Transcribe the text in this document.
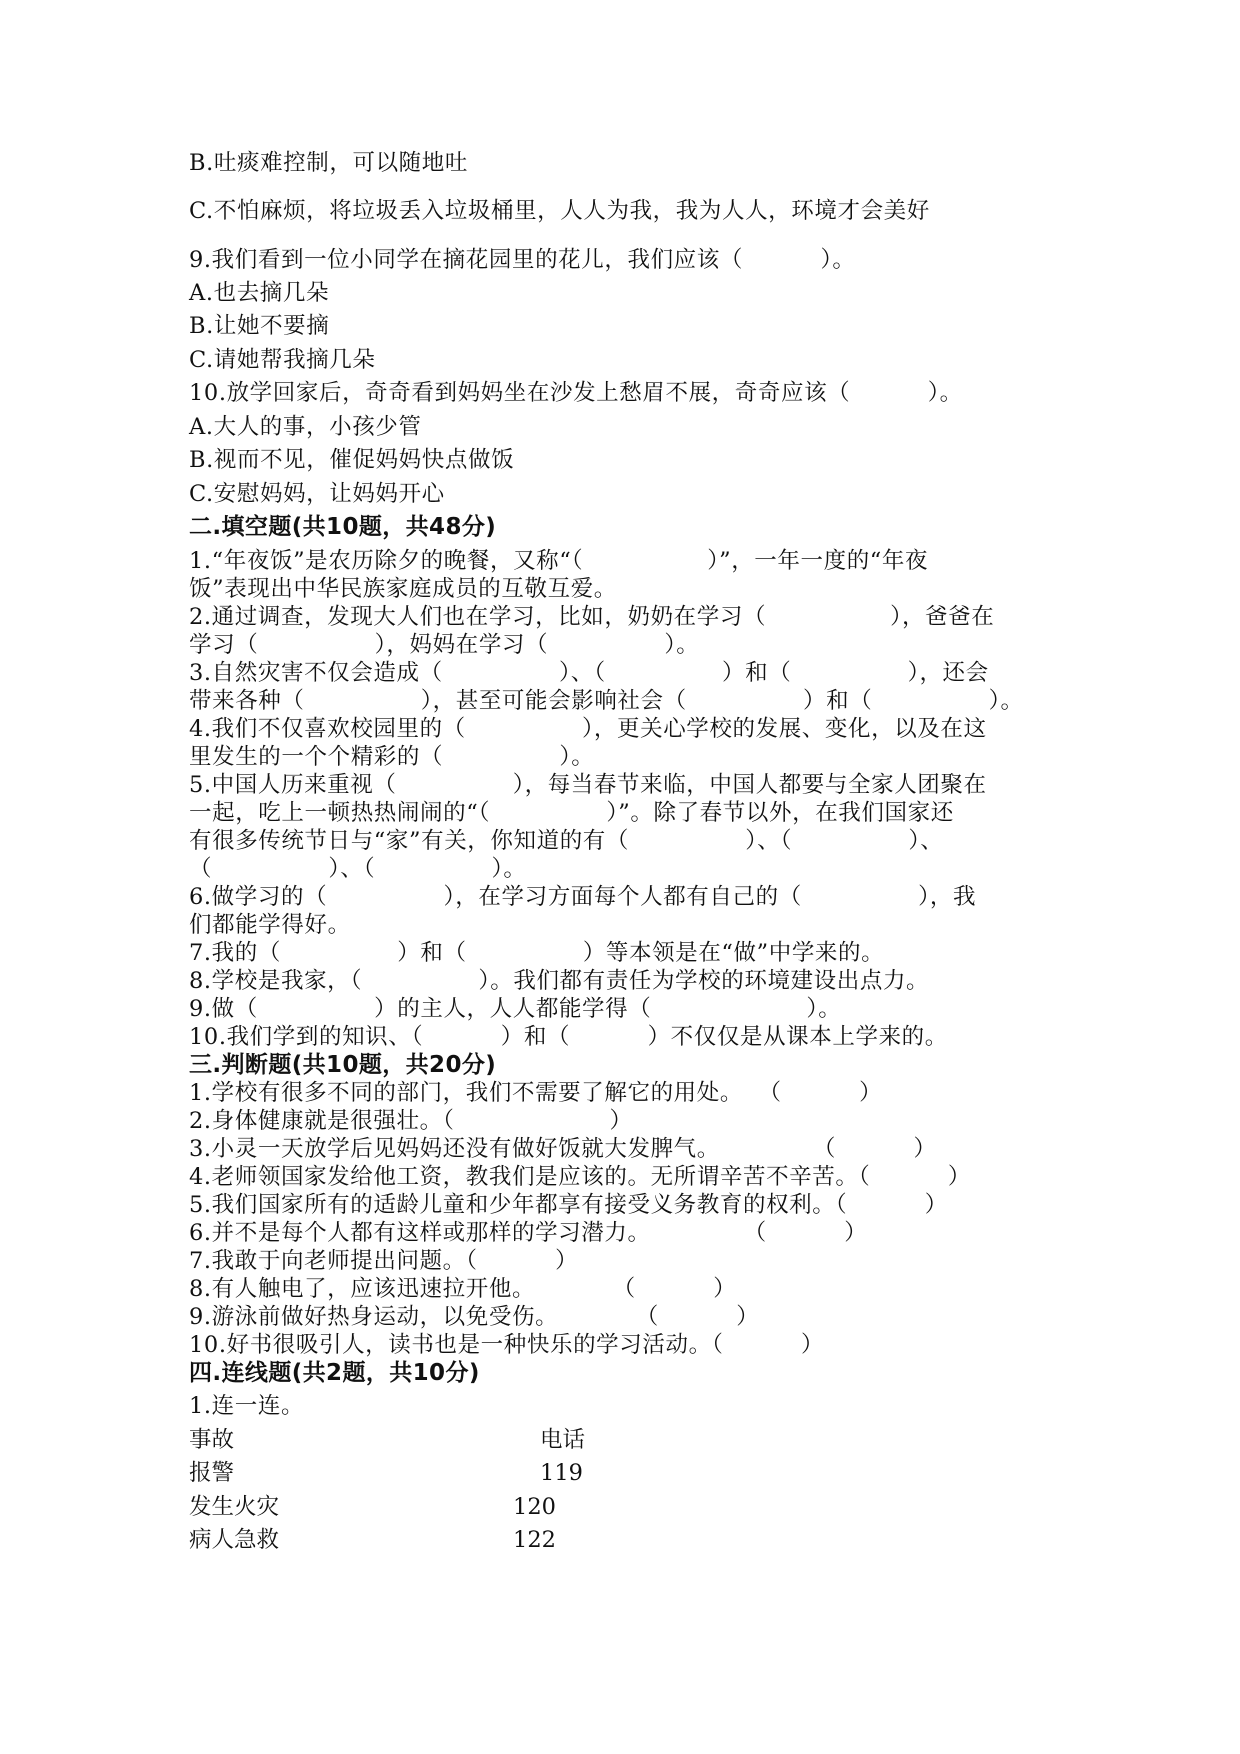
B.吐痰难控制，可以随地吐
C.不怕麻烦，将垃圾丢入垃圾桶里，人人为我，我为人人，环境才会美好
9.我们看到一位小同学在摘花园里的花儿，我们应该（          ）。
A.也去摘几朵
B.让她不要摘
C.请她帮我摘几朵
10.放学回家后，奇奇看到妈妈坐在沙发上愁眉不展，奇奇应该（          ）。
A.大人的事，小孩少管
B.视而不见，催促妈妈快点做饭
C.安慰妈妈，让妈妈开心
二.填空题(共10题，共48分)
1.“年夜饭”是农历除夕的晚餐，又称“（                ）”，一年一度的“年夜
饭”表现出中华民族家庭成员的互敬互爱。
2.通过调查，发现大人们也在学习，比如，奶奶在学习（                ），爸爸在
学习（               ），妈妈在学习（               ）。
3.自然灾害不仅会造成（               ）、（               ）和（               ），还会
带来各种（               ），甚至可能会影响社会（               ）和（               ）。
4.我们不仅喜欢校园里的（               ），更关心学校的发展、变化，以及在这
里发生的一个个精彩的（               ）。
5.中国人历来重视（               ），每当春节来临，中国人都要与全家人团聚在
一起，吃上一顿热热闹闹的“（               ）”。除了春节以外，在我们国家还
有很多传统节日与“家”有关，你知道的有（               ）、（               ）、
（               ）、（               ）。
6.做学习的（               ），在学习方面每个人都有自己的（               ），我
们都能学得好。
7.我的（               ）和（               ）等本领是在“做”中学来的。
8.学校是我家，（               ）。我们都有责任为学校的环境建设出点力。
9.做（               ）的主人，人人都能学得（                    ）。
10.我们学到的知识、（          ）和（          ）不仅仅是从课本上学来的。
三.判断题(共10题，共20分)
1.学校有很多不同的部门，我们不需要了解它的用处。  （          ）
2.身体健康就是很强壮。（                    ）
3.小灵一天放学后见妈妈还没有做好饭就大发脾气。            （          ）
4.老师领国家发给他工资，教我们是应该的。无所谓辛苦不辛苦。（          ）
5.我们国家所有的适龄儿童和少年都享有接受义务教育的权利。（          ）
6.并不是每个人都有这样或那样的学习潜力。            （          ）
7.我敢于向老师提出问题。（          ）
8.有人触电了，应该迅速拉开他。          （          ）
9.游泳前做好热身运动，以免受伤。          （          ）
10.好书很吸引人，读书也是一种快乐的学习活动。（          ）
四.连线题(共2题，共10分)
1.连一连。
事故	电话
报警	119
发生火灾	120
病人急救	122
